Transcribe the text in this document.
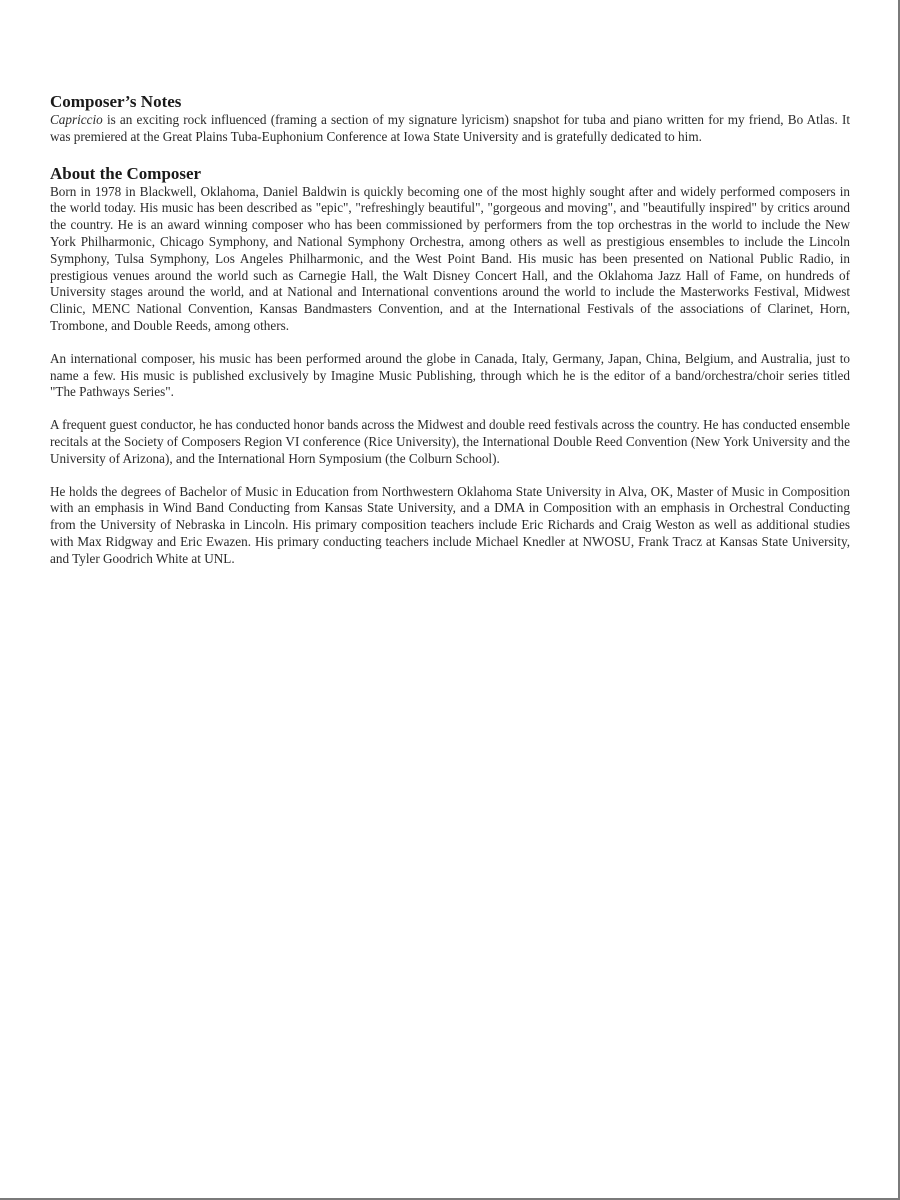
Composer’s Notes

Capriccio is an exciting rock influenced (framing a section of my signature lyricism) snapshot for tuba and piano written for my friend, Bo Atlas. It was premiered at the Great Plains Tuba-Euphonium Conference at Iowa State University and is gratefully dedicated to him.

About the Composer

Born in 1978 in Blackwell, Oklahoma, Daniel Baldwin is quickly becoming one of the most highly sought after and widely performed composers in the world today. His music has been described as "epic", "refreshingly beautiful", "gorgeous and moving", and "beautifully inspired" by critics around the country. He is an award winning composer who has been commissioned by performers from the top orchestras in the world to include the New York Philharmonic, Chicago Symphony, and National Symphony Orchestra, among others as well as prestigious ensembles to include the Lincoln Symphony, Tulsa Symphony, Los Angeles Philharmonic, and the West Point Band. His music has been presented on National Public Radio, in prestigious venues around the world such as Carnegie Hall, the Walt Disney Concert Hall, and the Oklahoma Jazz Hall of Fame, on hundreds of University stages around the world, and at National and International conventions around the world to include the Masterworks Festival, Midwest Clinic, MENC National Convention, Kansas Bandmasters Convention, and at the International Festivals of the associations of Clarinet, Horn, Trombone, and Double Reeds, among others.

An international composer, his music has been performed around the globe in Canada, Italy, Germany, Japan, China, Belgium, and Australia, just to name a few. His music is published exclusively by Imagine Music Publishing, through which he is the editor of a band/orchestra/choir series titled "The Pathways Series".

A frequent guest conductor, he has conducted honor bands across the Midwest and double reed festivals across the country. He has conducted ensemble recitals at the Society of Composers Region VI conference (Rice University), the International Double Reed Convention (New York University and the University of Arizona), and the International Horn Symposium (the Colburn School).

He holds the degrees of Bachelor of Music in Education from Northwestern Oklahoma State University in Alva, OK, Master of Music in Composition with an emphasis in Wind Band Conducting from Kansas State University, and a DMA in Composition with an emphasis in Orchestral Conducting from the University of Nebraska in Lincoln. His primary composition teachers include Eric Richards and Craig Weston as well as additional studies with Max Ridgway and Eric Ewazen. His primary conducting teachers include Michael Knedler at NWOSU, Frank Tracz at Kansas State University, and Tyler Goodrich White at UNL.
